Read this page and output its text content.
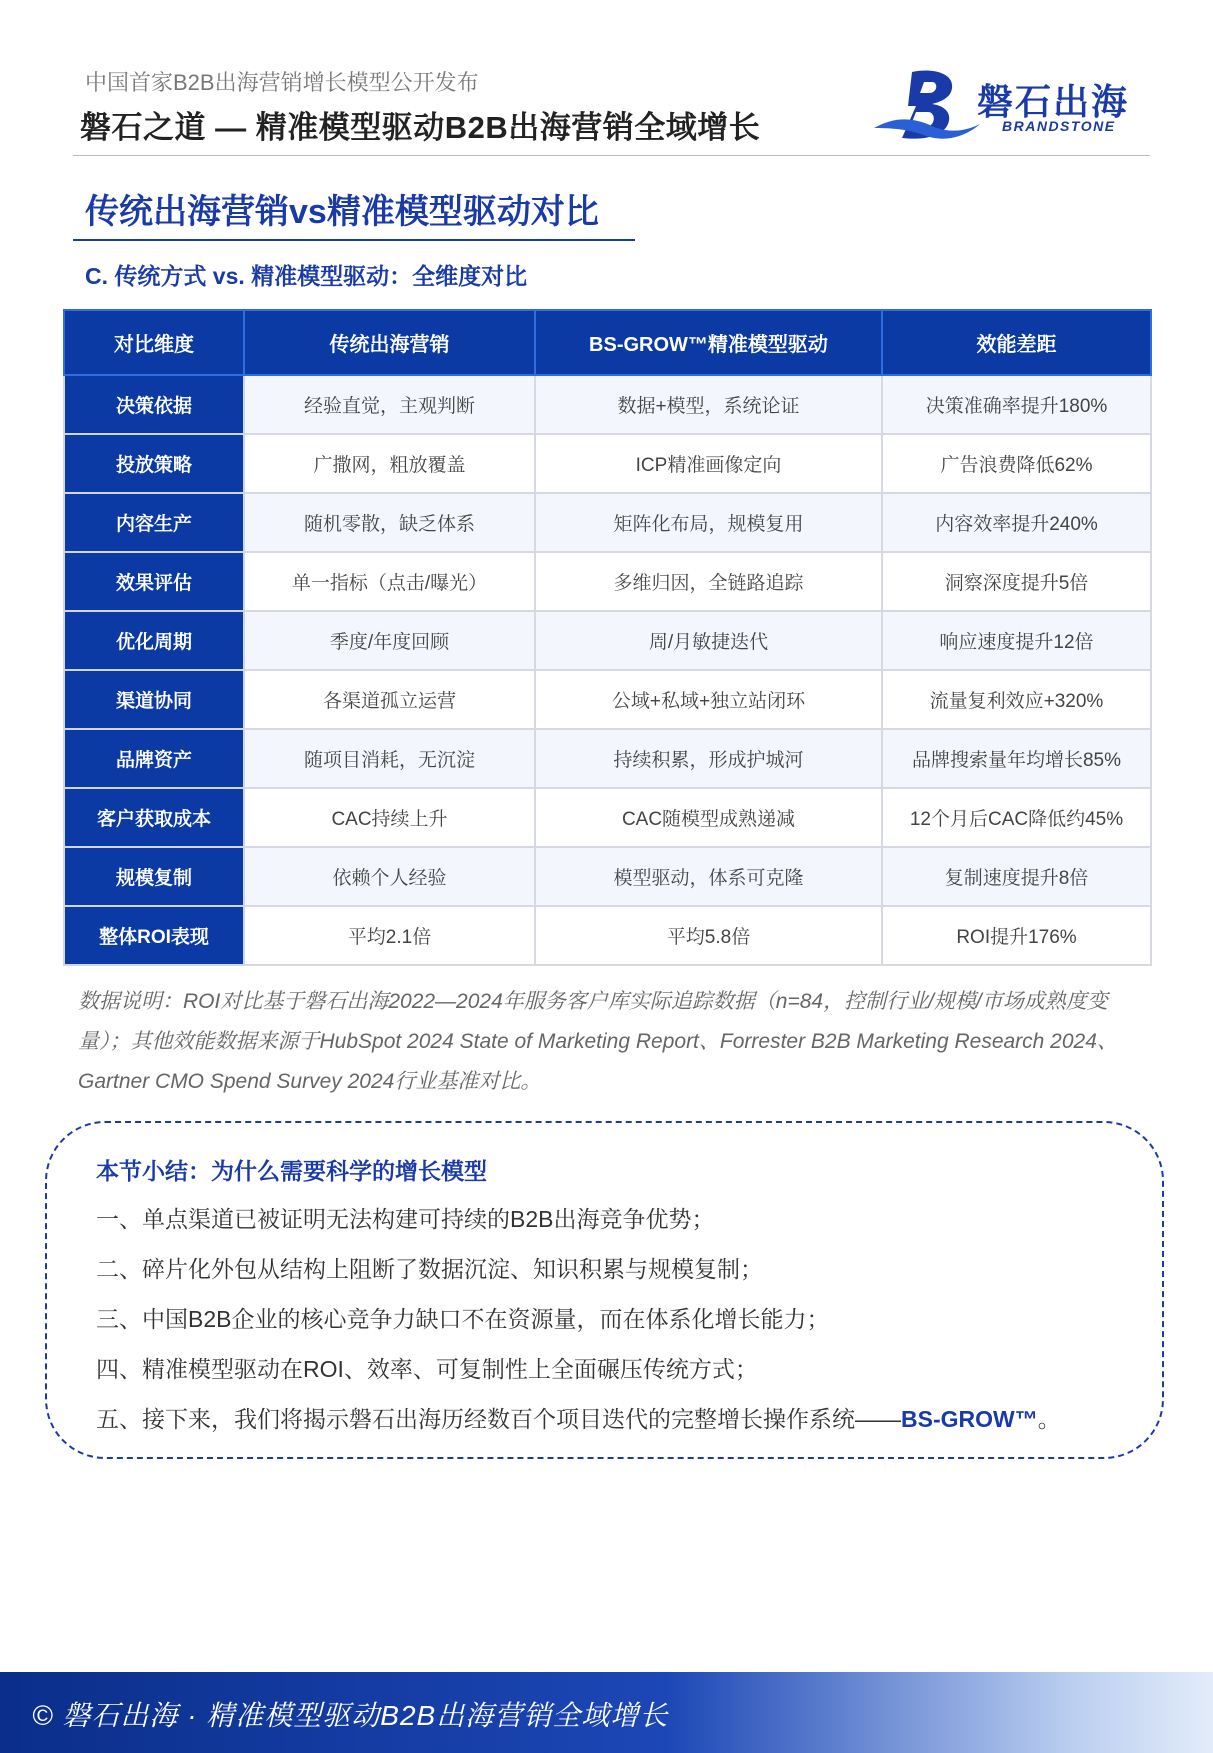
中国首家B2B出海营销增长模型公开发布
磐石之道 — 精准模型驱动B2B出海营销全域增长
磐石出海
BRANDSTONE
传统出海营销vs精准模型驱动对比
C. 传统方式 vs. 精准模型驱动：全维度对比
对比维度	传统出海营销	BS-GROW™精准模型驱动	效能差距
决策依据	经验直觉，主观判断	数据+模型，系统论证	决策准确率提升180%
投放策略	广撒网，粗放覆盖	ICP精准画像定向	广告浪费降低62%
内容生产	随机零散，缺乏体系	矩阵化布局，规模复用	内容效率提升240%
效果评估	单一指标（点击/曝光）	多维归因，全链路追踪	洞察深度提升5倍
优化周期	季度/年度回顾	周/月敏捷迭代	响应速度提升12倍
渠道协同	各渠道孤立运营	公域+私域+独立站闭环	流量复利效应+320%
品牌资产	随项目消耗，无沉淀	持续积累，形成护城河	品牌搜索量年均增长85%
客户获取成本	CAC持续上升	CAC随模型成熟递减	12个月后CAC降低约45%
规模复制	依赖个人经验	模型驱动，体系可克隆	复制速度提升8倍
整体ROI表现	平均2.1倍	平均5.8倍	ROI提升176%
数据说明：ROI对比基于磐石出海2022—2024年服务客户库实际追踪数据（n=84，控制行业/规模/市场成熟度变量）；其他效能数据来源于HubSpot 2024 State of Marketing Report、Forrester B2B Marketing Research 2024、Gartner CMO Spend Survey 2024行业基准对比。
本节小结：为什么需要科学的增长模型
一、单点渠道已被证明无法构建可持续的B2B出海竞争优势；
二、碎片化外包从结构上阻断了数据沉淀、知识积累与规模复制；
三、中国B2B企业的核心竞争力缺口不在资源量，而在体系化增长能力；
四、精准模型驱动在ROI、效率、可复制性上全面碾压传统方式；
五、接下来，我们将揭示磐石出海历经数百个项目迭代的完整增长操作系统——BS-GROW™。
© 磐石出海 · 精准模型驱动B2B出海营销全域增长
